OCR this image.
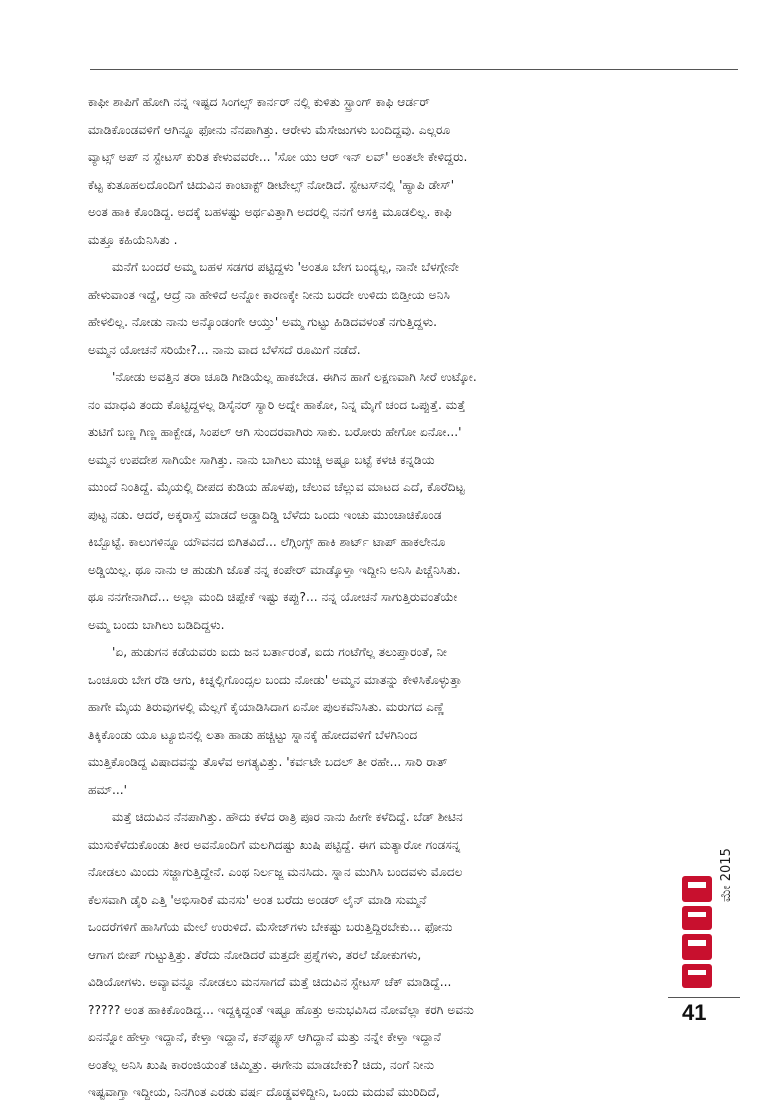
ಕಾಫೀ ಶಾಪಿಗೆ ಹೋಗಿ ನನ್ನ ಇಷ್ಟದ ಸಿಂಗಲ್ಸ್ ಕಾರ್ನರ್ ನಲ್ಲಿ ಕುಳಿತು ಸ್ಟ್ರಾಂಗ್ ಕಾಫಿ ಆರ್ಡರ್
ಮಾಡಿಕೊಂಡವಳಿಗೆ ಆಗಿನ್ನೂ ಫೋನು ನೆನಪಾಗಿತ್ತು. ಆರೇಳು ಮೆಸೇಜುಗಳು ಬಂದಿದ್ದವು. ಎಲ್ಲರೂ
ವ್ಯಾಟ್ಸ್ ಅಪ್ ನ ಸ್ಟೇಟಸ್ ಕುರಿತ ಕೇಳುವವರೇ... 'ಸೋ ಯು ಆರ್ ಇನ್ ಲವ್' ಅಂತಲೇ ಕೇಳಿದ್ದರು.
ಕೆಟ್ಟ ಕುತೂಹಲದೊಂದಿಗೆ ಚಿದುವಿನ ಕಾಂಟಾಕ್ಟ್ ಡೀಟೇಲ್ಸ್ ನೋಡಿದೆ. ಸ್ಟೇಟಸ್‌ನಲ್ಲಿ 'ಹ್ಯಾಪಿ ಡೇಸ್'
ಅಂತ ಹಾಕಿ ಕೊಂಡಿದ್ದ. ಅದಕ್ಕೆ ಬಹಳಷ್ಟು ಅರ್ಥವಿತ್ತಾಗಿ ಅದರಲ್ಲಿ ನನಗೆ ಆಸಕ್ತಿ ಮೂಡಲಿಲ್ಲ. ಕಾಫಿ
ಮತ್ತೂ ಕಹಿಯೆನಿಸಿತು .
ಮನೆಗೆ ಬಂದರೆ ಅಮ್ಮ ಬಹಳ ಸಡಗರ ಪಟ್ಟಿದ್ದಳು 'ಅಂತೂ ಬೇಗ ಬಂದ್ಯಲ್ಲ, ನಾನೇ ಬೆಳಗ್ಗೇನೇ
ಹೇಳುವಾಂತ ಇದ್ದೆ, ಆದ್ರೆ ನಾ ಹೇಳಿದೆ ಅನ್ನೋ ಕಾರಣಕ್ಕೇ ನೀನು ಬರದೇ ಉಳಿದು ಬಿಡ್ತೀಯ ಅನಿಸಿ
ಹೇಳಲಿಲ್ಲ. ನೋಡು ನಾನು ಅನ್ಕೊಂಡಂಗೇ ಆಯ್ತು' ಅಮ್ಮ ಗುಟ್ಟು ಹಿಡಿದವಳಂತೆ ನಗುತ್ತಿದ್ದಳು.
ಅಮ್ಮನ ಯೋಚನೆ ಸರಿಯೇ?... ನಾನು ವಾದ ಬೆಳೆಸದೆ ರೂಮಿಗೆ ನಡೆದೆ.
'ನೋಡು ಅವತ್ತಿನ ತರಾ ಚೂಡಿ ಗೀಡಿಯೆಲ್ಲ ಹಾಕಬೇಡ. ಈಗಿನ ಹಾಗೆ ಲಕ್ಷಣವಾಗಿ ಸೀರೆ ಉಟ್ಕೋ.
ನಂ ಮಾಧವಿ ತಂದು ಕೊಟ್ಟಿದ್ದಳಲ್ಲ ಡಿಸೈನರ್ ಸ್ಯಾರಿ ಅದ್ನೇ ಹಾಕೋ, ನಿನ್ನ ಮೈಗೆ ಚಂದ ಒಪ್ಪುತ್ತೆ. ಮತ್ತೆ
ತುಟಿಗೆ ಬಣ್ಣ ಗಿಣ್ಣ ಹಾಕ್ಬೇಡ, ಸಿಂಪಲ್ ಆಗಿ ಸುಂದರವಾಗಿರು ಸಾಕು. ಬರೋರು ಹೇಗೋ ಏನೋ...'
ಅಮ್ಮನ ಉಪದೇಶ ಸಾಗಿಯೇ ಸಾಗಿತ್ತು. ನಾನು ಬಾಗಿಲು ಮುಚ್ಚಿ ಅಷ್ಟೂ ಬಟ್ಟೆ ಕಳಚಿ ಕನ್ನಡಿಯ
ಮುಂದೆ ನಿಂತಿದ್ದೆ. ಮೈಯಲ್ಲಿ ದೀಪದ ಕುಡಿಯ ಹೊಳಪು, ಚೆಲುವ ಚೆಲ್ಲುವ ಮಾಟದ ಎದೆ, ಕೊರೆದಿಟ್ಟ
ಪುಟ್ಟ ನಡು. ಆದರೆ, ಅಕ್ಕರಾಸ್ತೆ ಮಾಡದೆ ಅಡ್ಡಾದಿಡ್ಡಿ ಬೆಳೆದು ಒಂದು ಇಂಚು ಮುಂಚಾಚಿಕೊಂಡ
ಕಿಬ್ಬೊಟ್ಟೆ. ಕಾಲುಗಳಿನ್ನೂ ಯೌವನದ ಬಿಗಿತವಿದೆ... ಲೆಗ್ಗಿಂಗ್ಸ್ ಹಾಕಿ ಶಾರ್ಟ್ ಟಾಪ್ ಹಾಕಲೇನೂ
ಅಡ್ಡಿಯಿಲ್ಲ. ಥೂ ನಾನು ಆ ಹುಡುಗಿ ಜೊತೆ ನನ್ನ ಕಂಪೇರ್ ಮಾಡ್ಕೊಳ್ತಾ ಇದ್ದೀನಿ ಅನಿಸಿ ಪಿಚ್ಚೆನಿಸಿತು.
ಥೂ ನನಗೇನಾಗಿದೆ... ಅಲ್ಲಾ ಮಂದಿ ಚಿಪ್ಪೇಕೆ ಇಷ್ಟು ಕಪ್ಪು?... ನನ್ನ ಯೋಚನೆ ಸಾಗುತ್ತಿರುವಂತೆಯೇ
ಅಮ್ಮ ಬಂದು ಬಾಗಿಲು ಬಡಿದಿದ್ದಳು.
'ಏ, ಹುಡುಗನ ಕಡೆಯವರು ಐದು ಜನ ಬರ್ತಾರಂತೆ, ಐದು ಗಂಟೆಗೆಲ್ಲ ತಲುಪ್ತಾರಂತೆ, ನೀ
ಒಂಚೂರು ಬೇಗ ರೆಡಿ ಆಗು, ಕಿಚ್ನಲ್ಲಿಗೊಂದ್ಸಲ ಬಂದು ನೋಡು' ಅಮ್ಮನ ಮಾತನ್ನು ಕೇಳಿಸಿಕೊಳ್ಳುತ್ತಾ
ಹಾಗೇ ಮೈಯ ತಿರುವುಗಳಲ್ಲಿ ಮೆಲ್ಲಗೆ ಕೈಯಾಡಿಸಿದಾಗ ಏನೋ ಪುಲಕವೆನಿಸಿತು. ಮರುಗದ ಎಣ್ಣೆ
ತಿಕ್ಕಿಕೊಂಡು ಯೂ ಟ್ಯೂಬಿನಲ್ಲಿ ಲತಾ ಹಾಡು ಹಚ್ಚಿಟ್ಟು ಸ್ನಾನಕ್ಕೆ ಹೋದವಳಿಗೆ ಬೆಳಗಿನಿಂದ
ಮುತ್ತಿಕೊಂಡಿದ್ದ ವಿಷಾದವನ್ನು ತೊಳೆವ ಅಗತ್ಯವಿತ್ತು. 'ಕರ್ವಟೇ ಬದಲ್ ತೀ ರಹೇ... ಸಾರಿ ರಾತ್
ಹಮ್...'
ಮತ್ತೆ ಚಿದುವಿನ ನೆನಪಾಗಿತ್ತು. ಹೌದು ಕಳೆದ ರಾತ್ರಿ ಪೂರ ನಾನು ಹೀಗೇ ಕಳೆದಿದ್ದೆ. ಬೆಡ್ ಶೀಟಿನ
ಮುಸುಕೆಳೆದುಕೊಂಡು ತೀರ ಅವನೊಂದಿಗೆ ಮಲಗಿದಷ್ಟು ಖುಷಿ ಪಟ್ಟಿದ್ದೆ. ಈಗ ಮತ್ಯಾರೋ ಗಂಡಸನ್ನ
ನೋಡಲು ಮಿಂದು ಸಜ್ಜಾಗುತ್ತಿದ್ದೇನೆ. ಎಂಥ ನಿರ್ಲಜ್ಜ ಮನಸಿದು. ಸ್ನಾನ ಮುಗಿಸಿ ಬಂದವಳು ಮೊದಲ
ಕೆಲಸವಾಗಿ ಡೈರಿ ಎತ್ತಿ 'ಅಭಿಸಾರಿಕೆ ಮನಸು' ಅಂತ ಬರೆದು ಅಂಡರ್ ಲೈನ್ ಮಾಡಿ ಸುಮ್ಮನೆ
ಒಂದರೆಗಳಿಗೆ ಹಾಸಿಗೆಯ ಮೇಲೆ ಉರುಳಿದೆ. ಮೆಸೇಜ್‌ಗಳು ಬೇಕಷ್ಟು ಬರುತ್ತಿದ್ದಿರಬೇಕು... ಫೋನು
ಆಗಾಗ ಬೀಪ್ ಗುಟ್ಟುತ್ತಿತ್ತು. ತೆರೆದು ನೋಡಿದರೆ ಮತ್ತದೇ ಪ್ರಶ್ನೆಗಳು, ತರಲೆ ಜೋಕುಗಳು,
ವಿಡಿಯೋಗಳು. ಅವ್ಯಾವನ್ನೂ ನೋಡಲು ಮನಸಾಗದೆ ಮತ್ತೆ ಚಿದುವಿನ ಸ್ಟೇಟಸ್ ಚೆಕ್ ಮಾಡಿದ್ದೆ...
????? ಅಂತ ಹಾಕಿಕೊಂಡಿದ್ದ... ಇದ್ದಕ್ಕಿದ್ದಂತೆ ಇಷ್ಟೂ ಹೊತ್ತು ಅನುಭವಿಸಿದ ನೋವೆಲ್ಲಾ ಕರಗಿ ಅವನು
ಏನನ್ನೋ ಹೇಳ್ತಾ ಇದ್ದಾನೆ, ಕೇಳ್ತಾ ಇದ್ದಾನೆ, ಕನ್‌ಫ್ಯೂಸ್ ಆಗಿದ್ದಾನೆ ಮತ್ತು ನನ್ನೇ ಕೇಳ್ತಾ ಇದ್ದಾನೆ
ಅಂತೆಲ್ಲ ಅನಿಸಿ ಖುಷಿ ಕಾರಂಜಿಯಂತೆ ಚಿಮ್ಮಿತ್ತು. ಈಗೇನು ಮಾಡಬೇಕು? ಚಿದು, ನಂಗೆ ನೀನು
ಇಷ್ಟವಾಗ್ತಾ ಇದ್ದೀಯ, ನಿನಗಿಂತ ಎರಡು ವರ್ಷ ದೊಡ್ಡವಳಿದ್ದೀನಿ, ಒಂದು ಮದುವೆ ಮುರಿದಿದೆ,
ಮೇ 2015
41
